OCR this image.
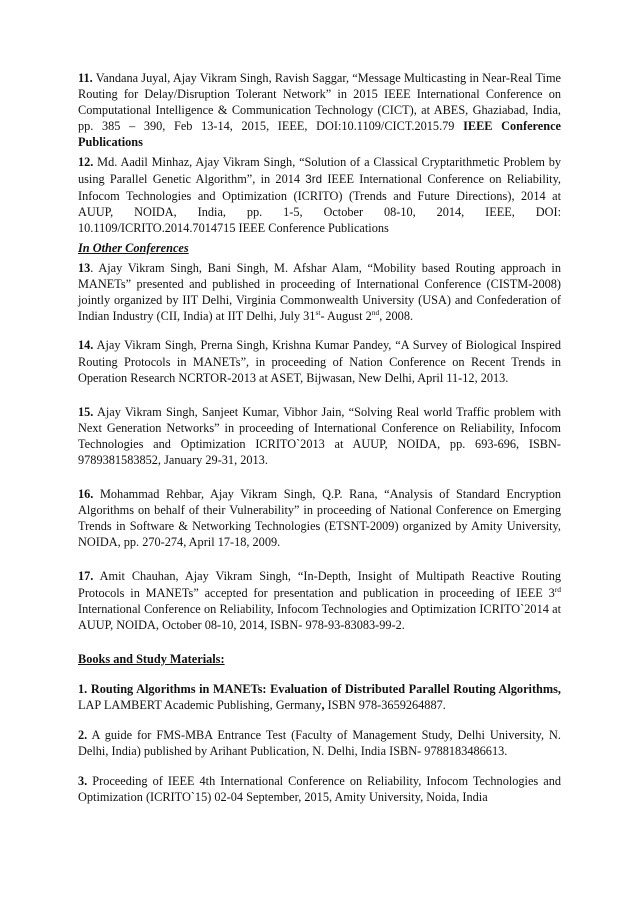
11. Vandana Juyal, Ajay Vikram Singh, Ravish Saggar, “Message Multicasting in Near-Real Time Routing for Delay/Disruption Tolerant Network” in 2015 IEEE International Conference on Computational Intelligence & Communication Technology (CICT), at ABES, Ghaziabad, India, pp. 385 – 390, Feb 13-14, 2015, IEEE, DOI:10.1109/CICT.2015.79 IEEE Conference Publications

12. Md. Aadil Minhaz, Ajay Vikram Singh, “Solution of a Classical Cryptarithmetic Problem by using Parallel Genetic Algorithm”, in 2014 3rd IEEE International Conference on Reliability, Infocom Technologies and Optimization (ICRITO) (Trends and Future Directions), 2014 at AUUP, NOIDA, India, pp. 1-5, October 08-10, 2014, IEEE, DOI: 10.1109/ICRITO.2014.7014715 IEEE Conference Publications

In Other Conferences

13. Ajay Vikram Singh, Bani Singh, M. Afshar Alam, “Mobility based Routing approach in MANETs” presented and published in proceeding of International Conference (CISTM-2008) jointly organized by IIT Delhi, Virginia Commonwealth University (USA) and Confederation of Indian Industry (CII, India) at IIT Delhi, July 31st- August 2nd, 2008.

14. Ajay Vikram Singh, Prerna Singh, Krishna Kumar Pandey, “A Survey of Biological Inspired Routing Protocols in MANETs”, in proceeding of Nation Conference on Recent Trends in Operation Research NCRTOR-2013 at ASET, Bijwasan, New Delhi, April 11-12, 2013.

15. Ajay Vikram Singh, Sanjeet Kumar, Vibhor Jain, “Solving Real world Traffic problem with Next Generation Networks” in proceeding of International Conference on Reliability, Infocom Technologies and Optimization ICRITO`2013 at AUUP, NOIDA, pp. 693-696, ISBN-9789381583852, January 29-31, 2013.

16. Mohammad Rehbar, Ajay Vikram Singh, Q.P. Rana, “Analysis of Standard Encryption Algorithms on behalf of their Vulnerability” in proceeding of National Conference on Emerging Trends in Software & Networking Technologies (ETSNT-2009) organized by Amity University, NOIDA, pp. 270-274, April 17-18, 2009.

17. Amit Chauhan, Ajay Vikram Singh, “In-Depth, Insight of Multipath Reactive Routing Protocols in MANETs” accepted for presentation and publication in proceeding of IEEE 3rd International Conference on Reliability, Infocom Technologies and Optimization ICRITO`2014 at AUUP, NOIDA, October 08-10, 2014, ISBN- 978-93-83083-99-2.

Books and Study Materials:

1. Routing Algorithms in MANETs: Evaluation of Distributed Parallel Routing Algorithms, LAP LAMBERT Academic Publishing, Germany, ISBN 978-3659264887.

2. A guide for FMS-MBA Entrance Test (Faculty of Management Study, Delhi University, N. Delhi, India) published by Arihant Publication, N. Delhi, India ISBN- 9788183486613.

3. Proceeding of IEEE 4th International Conference on Reliability, Infocom Technologies and Optimization (ICRITO`15) 02-04 September, 2015, Amity University, Noida, India
